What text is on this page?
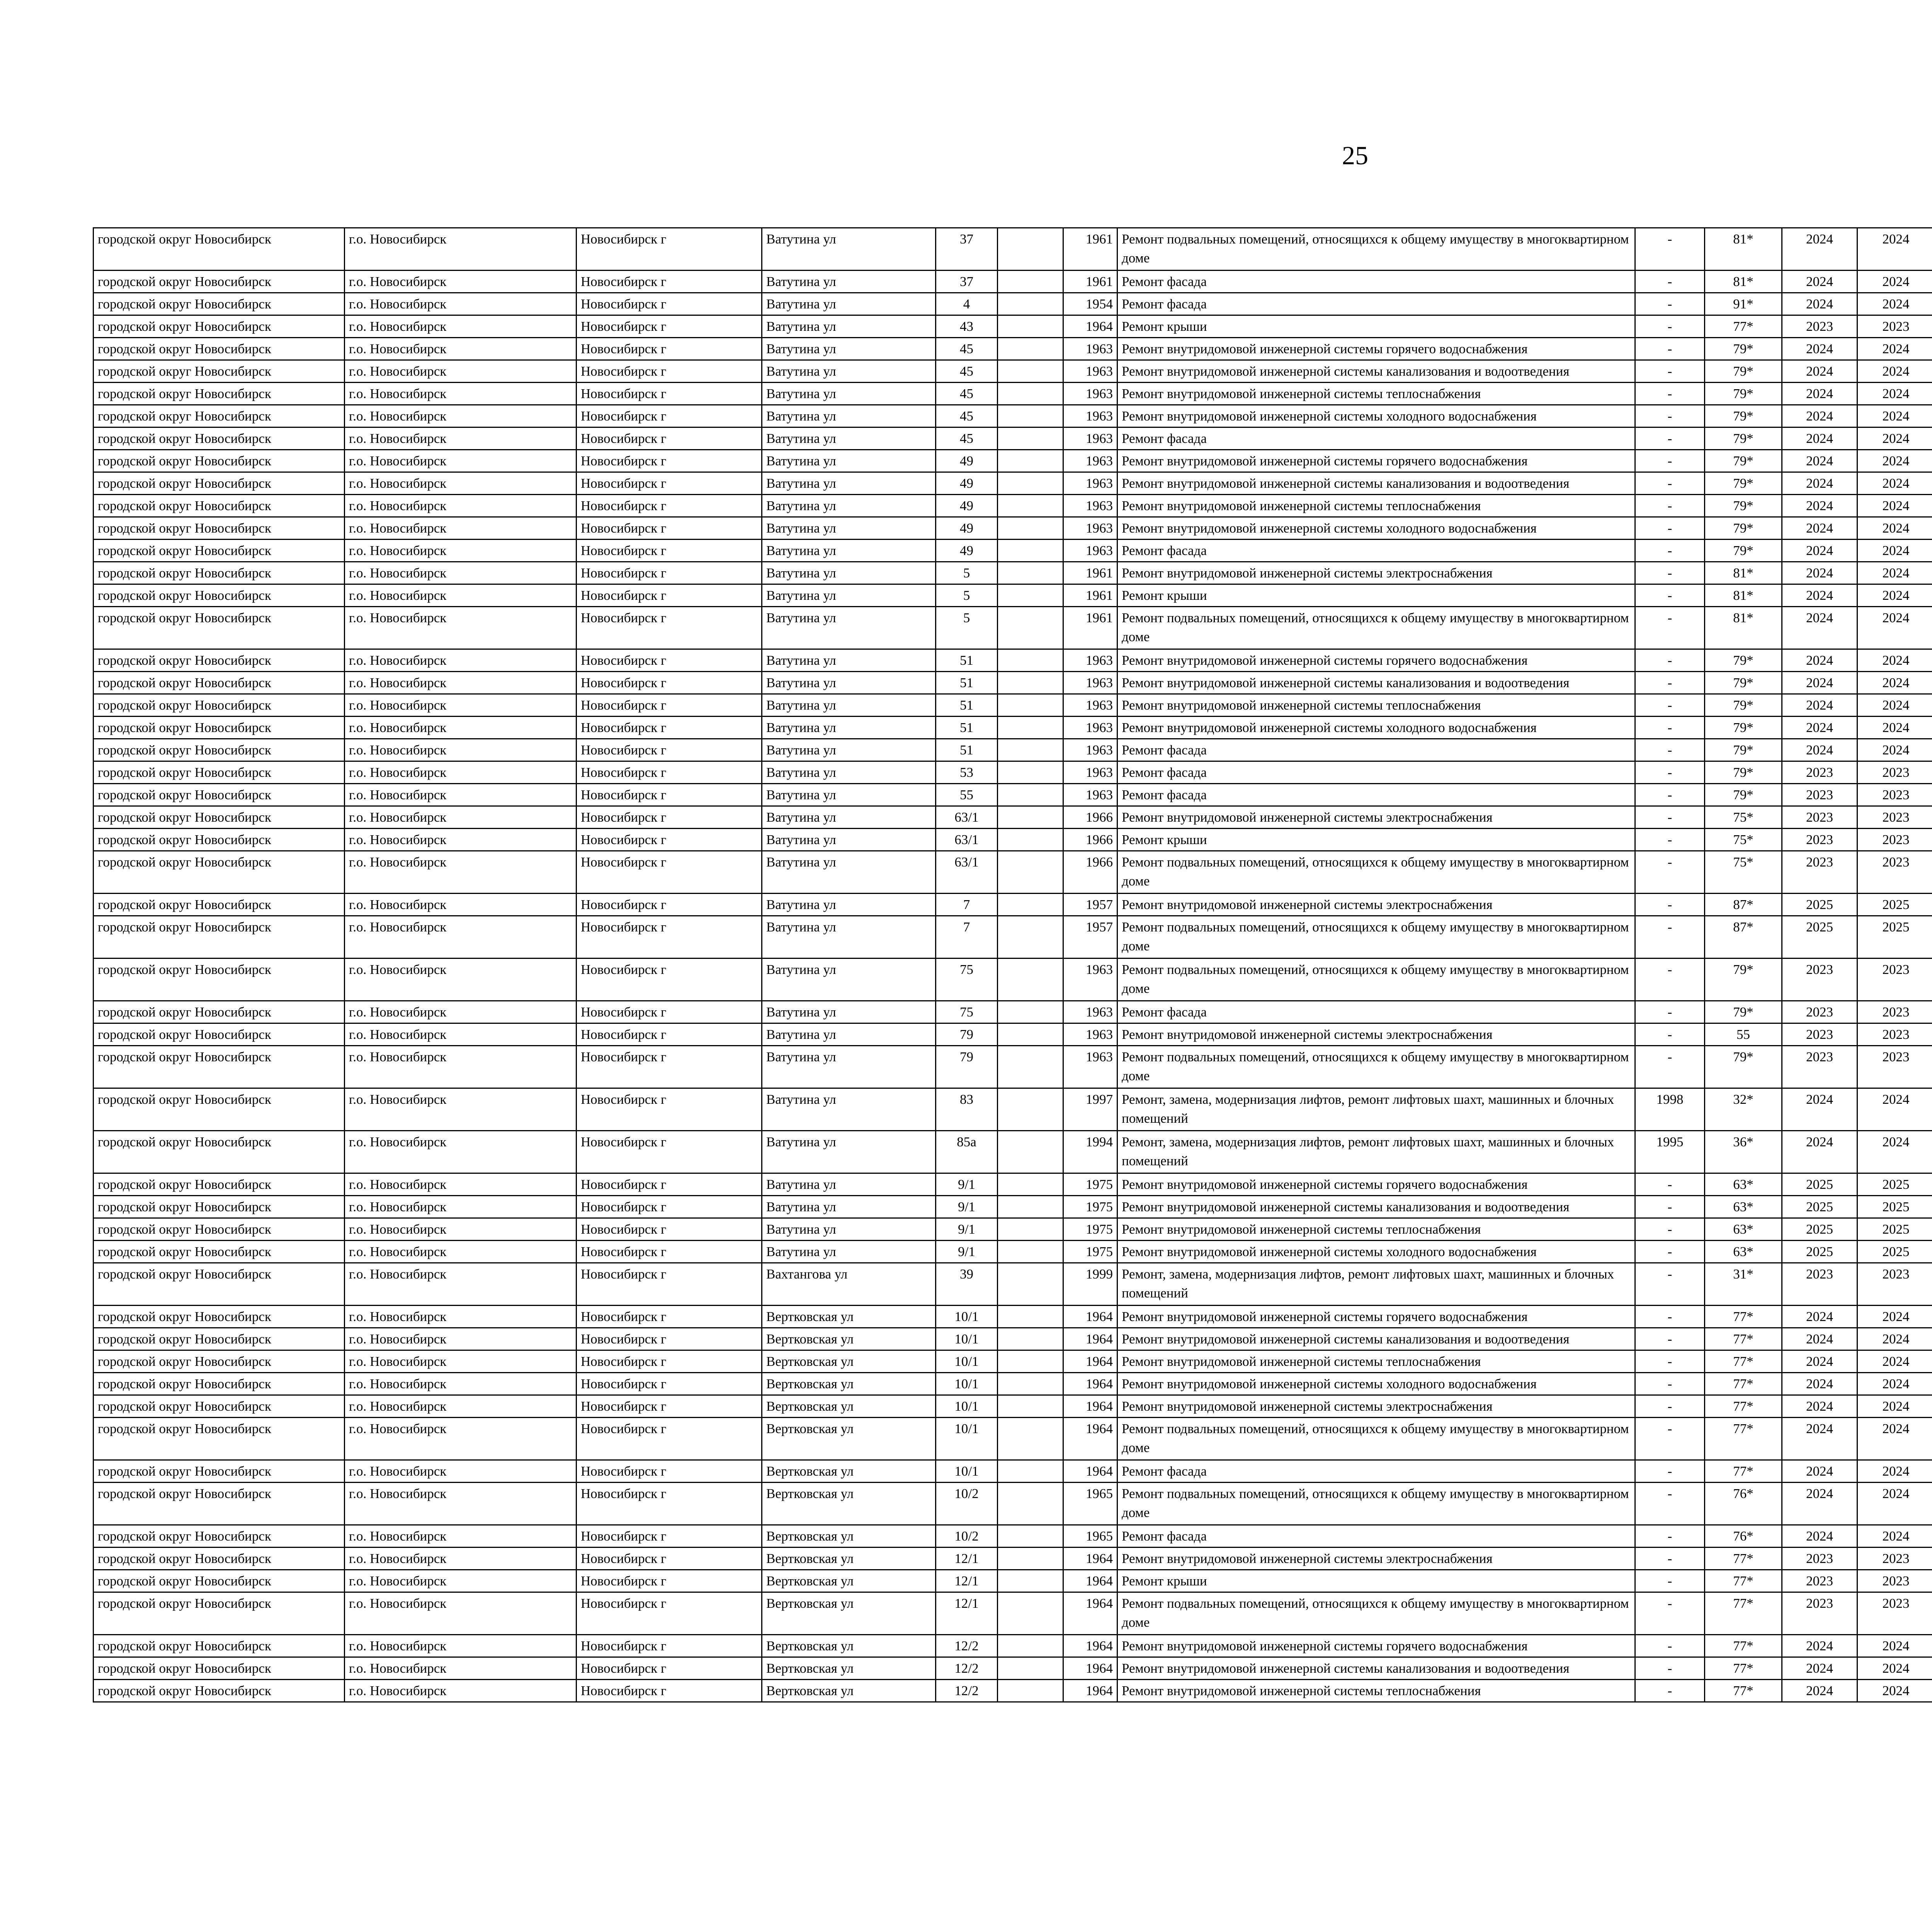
25
городской округ Новосибирск	г.о. Новосибирск	Новосибирск г	Ватутина ул	37		1961	Ремонт подвальных помещений, относящихся к общему имуществу в многоквартирном доме	-	81*	2024	2024						
городской округ Новосибирск	г.о. Новосибирск	Новосибирск г	Ватутина ул	37		1961	Ремонт фасада	-	81*	2024	2024						
городской округ Новосибирск	г.о. Новосибирск	Новосибирск г	Ватутина ул	4		1954	Ремонт фасада	-	91*	2024	2024						
городской округ Новосибирск	г.о. Новосибирск	Новосибирск г	Ватутина ул	43		1964	Ремонт крыши	-	77*	2023	2023						
городской округ Новосибирск	г.о. Новосибирск	Новосибирск г	Ватутина ул	45		1963	Ремонт внутридомовой инженерной системы горячего водоснабжения	-	79*	2024	2024						
городской округ Новосибирск	г.о. Новосибирск	Новосибирск г	Ватутина ул	45		1963	Ремонт внутридомовой инженерной системы канализования и водоотведения	-	79*	2024	2024						
городской округ Новосибирск	г.о. Новосибирск	Новосибирск г	Ватутина ул	45		1963	Ремонт внутридомовой инженерной системы теплоснабжения	-	79*	2024	2024						
городской округ Новосибирск	г.о. Новосибирск	Новосибирск г	Ватутина ул	45		1963	Ремонт внутридомовой инженерной системы холодного водоснабжения	-	79*	2024	2024						
городской округ Новосибирск	г.о. Новосибирск	Новосибирск г	Ватутина ул	45		1963	Ремонт фасада	-	79*	2024	2024						
городской округ Новосибирск	г.о. Новосибирск	Новосибирск г	Ватутина ул	49		1963	Ремонт внутридомовой инженерной системы горячего водоснабжения	-	79*	2024	2024						
городской округ Новосибирск	г.о. Новосибирск	Новосибирск г	Ватутина ул	49		1963	Ремонт внутридомовой инженерной системы канализования и водоотведения	-	79*	2024	2024						
городской округ Новосибирск	г.о. Новосибирск	Новосибирск г	Ватутина ул	49		1963	Ремонт внутридомовой инженерной системы теплоснабжения	-	79*	2024	2024						
городской округ Новосибирск	г.о. Новосибирск	Новосибирск г	Ватутина ул	49		1963	Ремонт внутридомовой инженерной системы холодного водоснабжения	-	79*	2024	2024						
городской округ Новосибирск	г.о. Новосибирск	Новосибирск г	Ватутина ул	49		1963	Ремонт фасада	-	79*	2024	2024						
городской округ Новосибирск	г.о. Новосибирск	Новосибирск г	Ватутина ул	5		1961	Ремонт внутридомовой инженерной системы электроснабжения	-	81*	2024	2024						
городской округ Новосибирск	г.о. Новосибирск	Новосибирск г	Ватутина ул	5		1961	Ремонт крыши	-	81*	2024	2024						
городской округ Новосибирск	г.о. Новосибирск	Новосибирск г	Ватутина ул	5		1961	Ремонт подвальных помещений, относящихся к общему имуществу в многоквартирном доме	-	81*	2024	2024						
городской округ Новосибирск	г.о. Новосибирск	Новосибирск г	Ватутина ул	51		1963	Ремонт внутридомовой инженерной системы горячего водоснабжения	-	79*	2024	2024						
городской округ Новосибирск	г.о. Новосибирск	Новосибирск г	Ватутина ул	51		1963	Ремонт внутридомовой инженерной системы канализования и водоотведения	-	79*	2024	2024						
городской округ Новосибирск	г.о. Новосибирск	Новосибирск г	Ватутина ул	51		1963	Ремонт внутридомовой инженерной системы теплоснабжения	-	79*	2024	2024						
городской округ Новосибирск	г.о. Новосибирск	Новосибирск г	Ватутина ул	51		1963	Ремонт внутридомовой инженерной системы холодного водоснабжения	-	79*	2024	2024						
городской округ Новосибирск	г.о. Новосибирск	Новосибирск г	Ватутина ул	51		1963	Ремонт фасада	-	79*	2024	2024						
городской округ Новосибирск	г.о. Новосибирск	Новосибирск г	Ватутина ул	53		1963	Ремонт фасада	-	79*	2023	2023						
городской округ Новосибирск	г.о. Новосибирск	Новосибирск г	Ватутина ул	55		1963	Ремонт фасада	-	79*	2023	2023						
городской округ Новосибирск	г.о. Новосибирск	Новосибирск г	Ватутина ул	63/1		1966	Ремонт внутридомовой инженерной системы электроснабжения	-	75*	2023	2023						
городской округ Новосибирск	г.о. Новосибирск	Новосибирск г	Ватутина ул	63/1		1966	Ремонт крыши	-	75*	2023	2023						
городской округ Новосибирск	г.о. Новосибирск	Новосибирск г	Ватутина ул	63/1		1966	Ремонт подвальных помещений, относящихся к общему имуществу в многоквартирном доме	-	75*	2023	2023						
городской округ Новосибирск	г.о. Новосибирск	Новосибирск г	Ватутина ул	7		1957	Ремонт внутридомовой инженерной системы электроснабжения	-	87*	2025	2025						
городской округ Новосибирск	г.о. Новосибирск	Новосибирск г	Ватутина ул	7		1957	Ремонт подвальных помещений, относящихся к общему имуществу в многоквартирном доме	-	87*	2025	2025						
городской округ Новосибирск	г.о. Новосибирск	Новосибирск г	Ватутина ул	75		1963	Ремонт подвальных помещений, относящихся к общему имуществу в многоквартирном доме	-	79*	2023	2023						
городской округ Новосибирск	г.о. Новосибирск	Новосибирск г	Ватутина ул	75		1963	Ремонт фасада	-	79*	2023	2023						
городской округ Новосибирск	г.о. Новосибирск	Новосибирск г	Ватутина ул	79		1963	Ремонт внутридомовой инженерной системы электроснабжения	-	55	2023	2023						
городской округ Новосибирск	г.о. Новосибирск	Новосибирск г	Ватутина ул	79		1963	Ремонт подвальных помещений, относящихся к общему имуществу в многоквартирном доме	-	79*	2023	2023						
городской округ Новосибирск	г.о. Новосибирск	Новосибирск г	Ватутина ул	83		1997	Ремонт, замена, модернизация лифтов, ремонт лифтовых шахт, машинных и блочных помещений	1998	32*	2024	2024						
городской округ Новосибирск	г.о. Новосибирск	Новосибирск г	Ватутина ул	85а		1994	Ремонт, замена, модернизация лифтов, ремонт лифтовых шахт, машинных и блочных помещений	1995	36*	2024	2024						
городской округ Новосибирск	г.о. Новосибирск	Новосибирск г	Ватутина ул	9/1		1975	Ремонт внутридомовой инженерной системы горячего водоснабжения	-	63*	2025	2025						
городской округ Новосибирск	г.о. Новосибирск	Новосибирск г	Ватутина ул	9/1		1975	Ремонт внутридомовой инженерной системы канализования и водоотведения	-	63*	2025	2025						
городской округ Новосибирск	г.о. Новосибирск	Новосибирск г	Ватутина ул	9/1		1975	Ремонт внутридомовой инженерной системы теплоснабжения	-	63*	2025	2025						
городской округ Новосибирск	г.о. Новосибирск	Новосибирск г	Ватутина ул	9/1		1975	Ремонт внутридомовой инженерной системы холодного водоснабжения	-	63*	2025	2025						
городской округ Новосибирск	г.о. Новосибирск	Новосибирск г	Вахтангова ул	39		1999	Ремонт, замена, модернизация лифтов, ремонт лифтовых шахт, машинных и блочных помещений	-	31*	2023	2023						
городской округ Новосибирск	г.о. Новосибирск	Новосибирск г	Вертковская ул	10/1		1964	Ремонт внутридомовой инженерной системы горячего водоснабжения	-	77*	2024	2024						
городской округ Новосибирск	г.о. Новосибирск	Новосибирск г	Вертковская ул	10/1		1964	Ремонт внутридомовой инженерной системы канализования и водоотведения	-	77*	2024	2024						
городской округ Новосибирск	г.о. Новосибирск	Новосибирск г	Вертковская ул	10/1		1964	Ремонт внутридомовой инженерной системы теплоснабжения	-	77*	2024	2024						
городской округ Новосибирск	г.о. Новосибирск	Новосибирск г	Вертковская ул	10/1		1964	Ремонт внутридомовой инженерной системы холодного водоснабжения	-	77*	2024	2024						
городской округ Новосибирск	г.о. Новосибирск	Новосибирск г	Вертковская ул	10/1		1964	Ремонт внутридомовой инженерной системы электроснабжения	-	77*	2024	2024						
городской округ Новосибирск	г.о. Новосибирск	Новосибирск г	Вертковская ул	10/1		1964	Ремонт подвальных помещений, относящихся к общему имуществу в многоквартирном доме	-	77*	2024	2024						
городской округ Новосибирск	г.о. Новосибирск	Новосибирск г	Вертковская ул	10/1		1964	Ремонт фасада	-	77*	2024	2024						
городской округ Новосибирск	г.о. Новосибирск	Новосибирск г	Вертковская ул	10/2		1965	Ремонт подвальных помещений, относящихся к общему имуществу в многоквартирном доме	-	76*	2024	2024						
городской округ Новосибирск	г.о. Новосибирск	Новосибирск г	Вертковская ул	10/2		1965	Ремонт фасада	-	76*	2024	2024						
городской округ Новосибирск	г.о. Новосибирск	Новосибирск г	Вертковская ул	12/1		1964	Ремонт внутридомовой инженерной системы электроснабжения	-	77*	2023	2023						
городской округ Новосибирск	г.о. Новосибирск	Новосибирск г	Вертковская ул	12/1		1964	Ремонт крыши	-	77*	2023	2023						
городской округ Новосибирск	г.о. Новосибирск	Новосибирск г	Вертковская ул	12/1		1964	Ремонт подвальных помещений, относящихся к общему имуществу в многоквартирном доме	-	77*	2023	2023						
городской округ Новосибирск	г.о. Новосибирск	Новосибирск г	Вертковская ул	12/2		1964	Ремонт внутридомовой инженерной системы горячего водоснабжения	-	77*	2024	2024						
городской округ Новосибирск	г.о. Новосибирск	Новосибирск г	Вертковская ул	12/2		1964	Ремонт внутридомовой инженерной системы канализования и водоотведения	-	77*	2024	2024						
городской округ Новосибирск	г.о. Новосибирск	Новосибирск г	Вертковская ул	12/2		1964	Ремонт внутридомовой инженерной системы теплоснабжения	-	77*	2024	2024						
